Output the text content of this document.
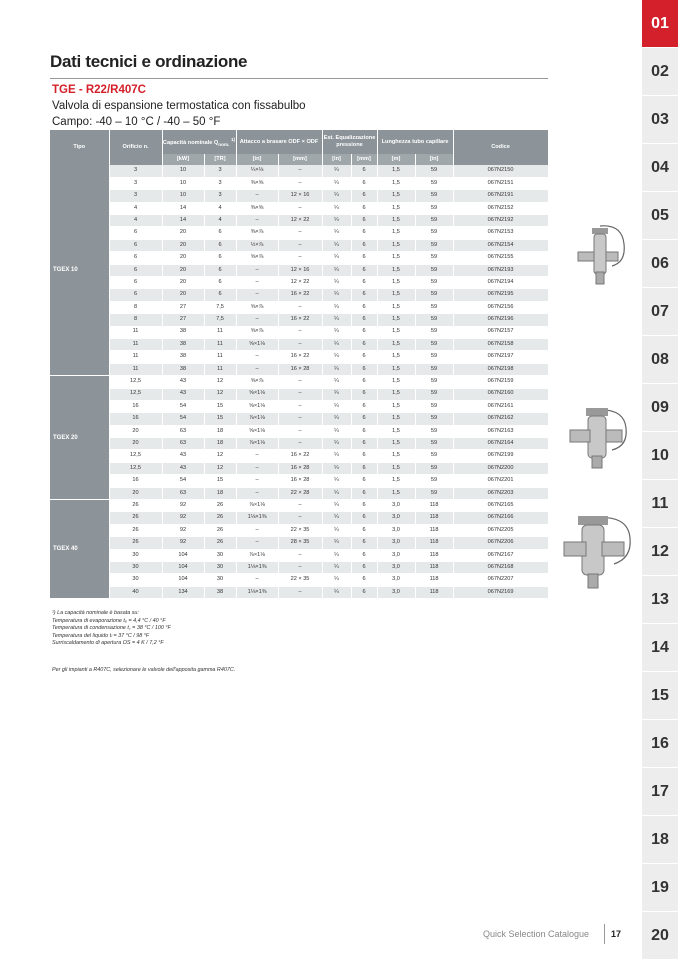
Dati tecnici e ordinazione
TGE - R22/R407C
Valvola di espansione termostatica con fissabulbo
Campo: -40 – 10 °C / -40 – 50 °F
Tipo	Orificio n.	Capacità nominale $Q_{nom.}$ $^{1)}$		Attacco a brasare ODF × ODF		Est. Equalizzazione pressione		Lunghezza tubo capillare		Codice
		[kW]	[TR]	[in]	[mm]	[in]	[mm]	[m]	[in]	
TGEX 10	3	10	3	¼×⅛	–	¼	6	1,5	59	067N2150
	3	10	3	⅜×⅝	–	¼	6	1,5	59	067N2151
	3	10	3	–	12 × 16	¼	6	1,5	59	067N2191
	4	14	4	⅜×⅝	–	¼	6	1,5	59	067N2152
	4	14	4	–	12 × 22	¼	6	1,5	59	067N2192
	6	20	6	⅜×⅞	–	¼	6	1,5	59	067N2153
	6	20	6	½×⅞	–	¼	6	1,5	59	067N2154
	6	20	6	⅝×⅞	–	¼	6	1,5	59	067N2155
	6	20	6	–	12 × 16	¼	6	1,5	59	067N2193
	6	20	6	–	12 × 22	¼	6	1,5	59	067N2194
	6	20	6	–	16 × 22	¼	6	1,5	59	067N2195
	8	27	7,5	⅝×⅞	–	¼	6	1,5	59	067N2156
	8	27	7,5	–	16 × 22	¼	6	1,5	59	067N2196
	11	38	11	⅝×⅞	–	¼	6	1,5	59	067N2157
	11	38	11	⅝×1⅛	–	¼	6	1,5	59	067N2158
	11	38	11	–	16 × 22	¼	6	1,5	59	067N2197
	11	38	11	–	16 × 28	¼	6	1,5	59	067N2198
TGEX 20	12,5	43	12	⅝×⅞	–	¼	6	1,5	59	067N2159
	12,5	43	12	⅝×1⅛	–	¼	6	1,5	59	067N2160
	16	54	15	⅝×1⅛	–	¼	6	1,5	59	067N2161
	16	54	15	⅞×1⅛	–	¼	6	1,5	59	067N2162
	20	63	18	⅝×1⅛	–	¼	6	1,5	59	067N2163
	20	63	18	⅞×1⅛	–	¼	6	1,5	59	067N2164
	12,5	43	12	–	16 × 22	¼	6	1,5	59	067N2199
	12,5	43	12	–	16 × 28	¼	6	1,5	59	067N2200
	16	54	15	–	16 × 28	¼	6	1,5	59	067N2201
	20	63	18	–	22 × 28	¼	6	1,5	59	067N2203
TGEX 40	26	92	26	⅞×1⅛	–	¼	6	3,0	118	067N2165
	26	92	26	1⅛×1⅜	–	¼	6	3,0	118	067N2166
	26	92	26	–	22 × 35	¼	6	3,0	118	067N2205
	26	92	26	–	28 × 35	¼	6	3,0	118	067N2206
	30	104	30	⅞×1⅛	–	¼	6	3,0	118	067N2167
	30	104	30	1⅛×1⅜	–	¼	6	3,0	118	067N2168
	30	104	30	–	22 × 35	¼	6	3,0	118	067N2207
	40	134	38	1⅛×1⅜	–	¼	6	3,0	118	067N2169
¹) La capacità nominale è basata su:
Temperatura di evaporazione tₑ = 4,4 °C / 40 °F
Temperatura di condensazione t꜀ = 38 °C / 100 °F
Temperatura del liquido tₗ = 37 °C / 98 °F
Surriscaldamento di apertura OS = 4 K / 7,2 °F
Per gli impianti a R407C, selezionare le valvole dell'apposita gamma R407C.
Quick Selection Catalogue 17
01
02
03
04
05
06
07
08
09
10
11
12
13
14
15
16
17
18
19
20
